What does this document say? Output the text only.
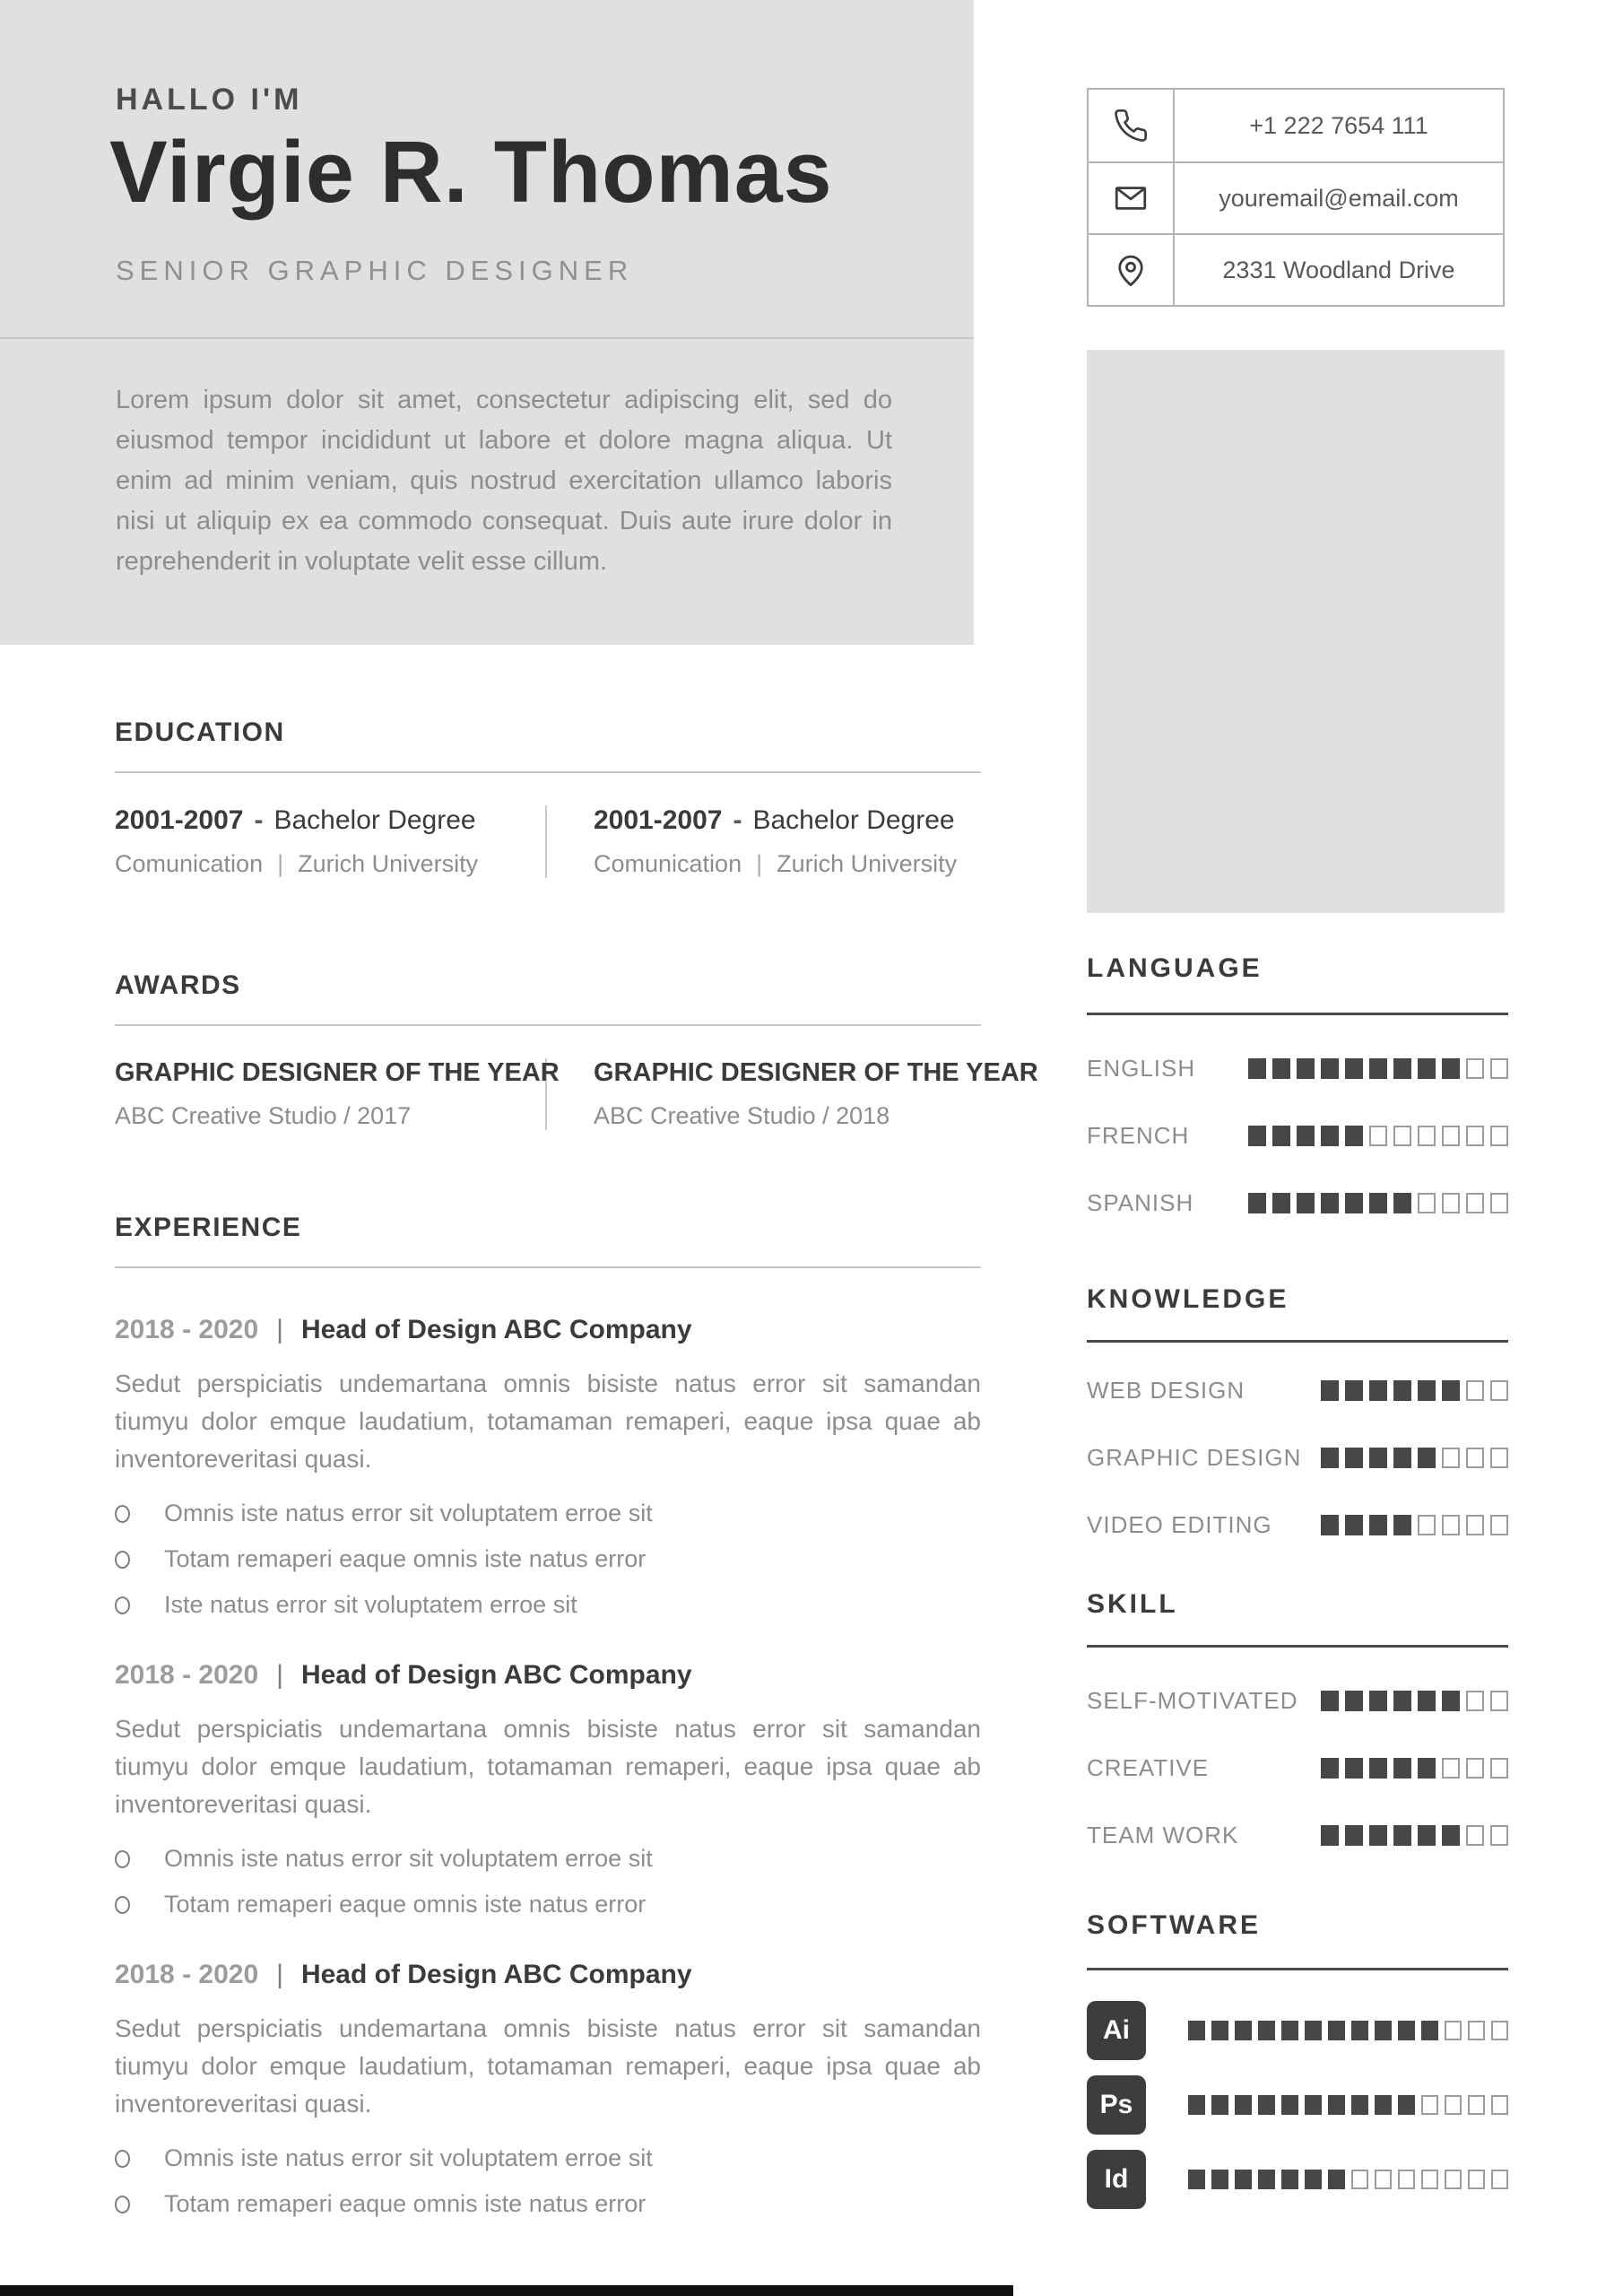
HALLO I'M
Virgie R. Thomas
SENIOR GRAPHIC DESIGNER

Lorem ipsum dolor sit amet, consectetur adipiscing elit, sed do eiusmod tempor incididunt ut labore et dolore magna aliqua. Ut enim ad minim veniam, quis nostrud exercitation ullamco laboris nisi ut aliquip ex ea commodo consequat. Duis aute irure dolor in reprehenderit in voluptate velit esse cillum.

+1 222 7654 111
youremail@email.com
2331 Woodland Drive
EDUCATION
2001-2007 - Bachelor Degree
Comunication | Zurich University
2001-2007 - Bachelor Degree
Comunication | Zurich University
AWARDS
GRAPHIC DESIGNER OF THE YEAR
ABC Creative Studio / 2017
GRAPHIC DESIGNER OF THE YEAR
ABC Creative Studio / 2018
EXPERIENCE
2018 - 2020 | Head of Design ABC Company

Sedut perspiciatis undemartana omnis bisiste natus error sit samandan tiumyu dolor emque laudatium, totamaman remaperi, eaque ipsa quae ab inventoreveritasi quasi.

Omnis iste natus error sit voluptatem erroe sit
Totam remaperi eaque omnis iste natus error
Iste natus error sit voluptatem erroe sit
2018 - 2020 | Head of Design ABC Company

Sedut perspiciatis undemartana omnis bisiste natus error sit samandan tiumyu dolor emque laudatium, totamaman remaperi, eaque ipsa quae ab inventoreveritasi quasi.

Omnis iste natus error sit voluptatem erroe sit
Totam remaperi eaque omnis iste natus error
2018 - 2020 | Head of Design ABC Company

Sedut perspiciatis undemartana omnis bisiste natus error sit samandan tiumyu dolor emque laudatium, totamaman remaperi, eaque ipsa quae ab inventoreveritasi quasi.

Omnis iste natus error sit voluptatem erroe sit
Totam remaperi eaque omnis iste natus error
LANGUAGE
ENGLISH
FRENCH
SPANISH
KNOWLEDGE
WEB DESIGN
GRAPHIC DESIGN
VIDEO EDITING
SKILL
SELF-MOTIVATED
CREATIVE
TEAM WORK
SOFTWARE
Ai
Ps
Id
